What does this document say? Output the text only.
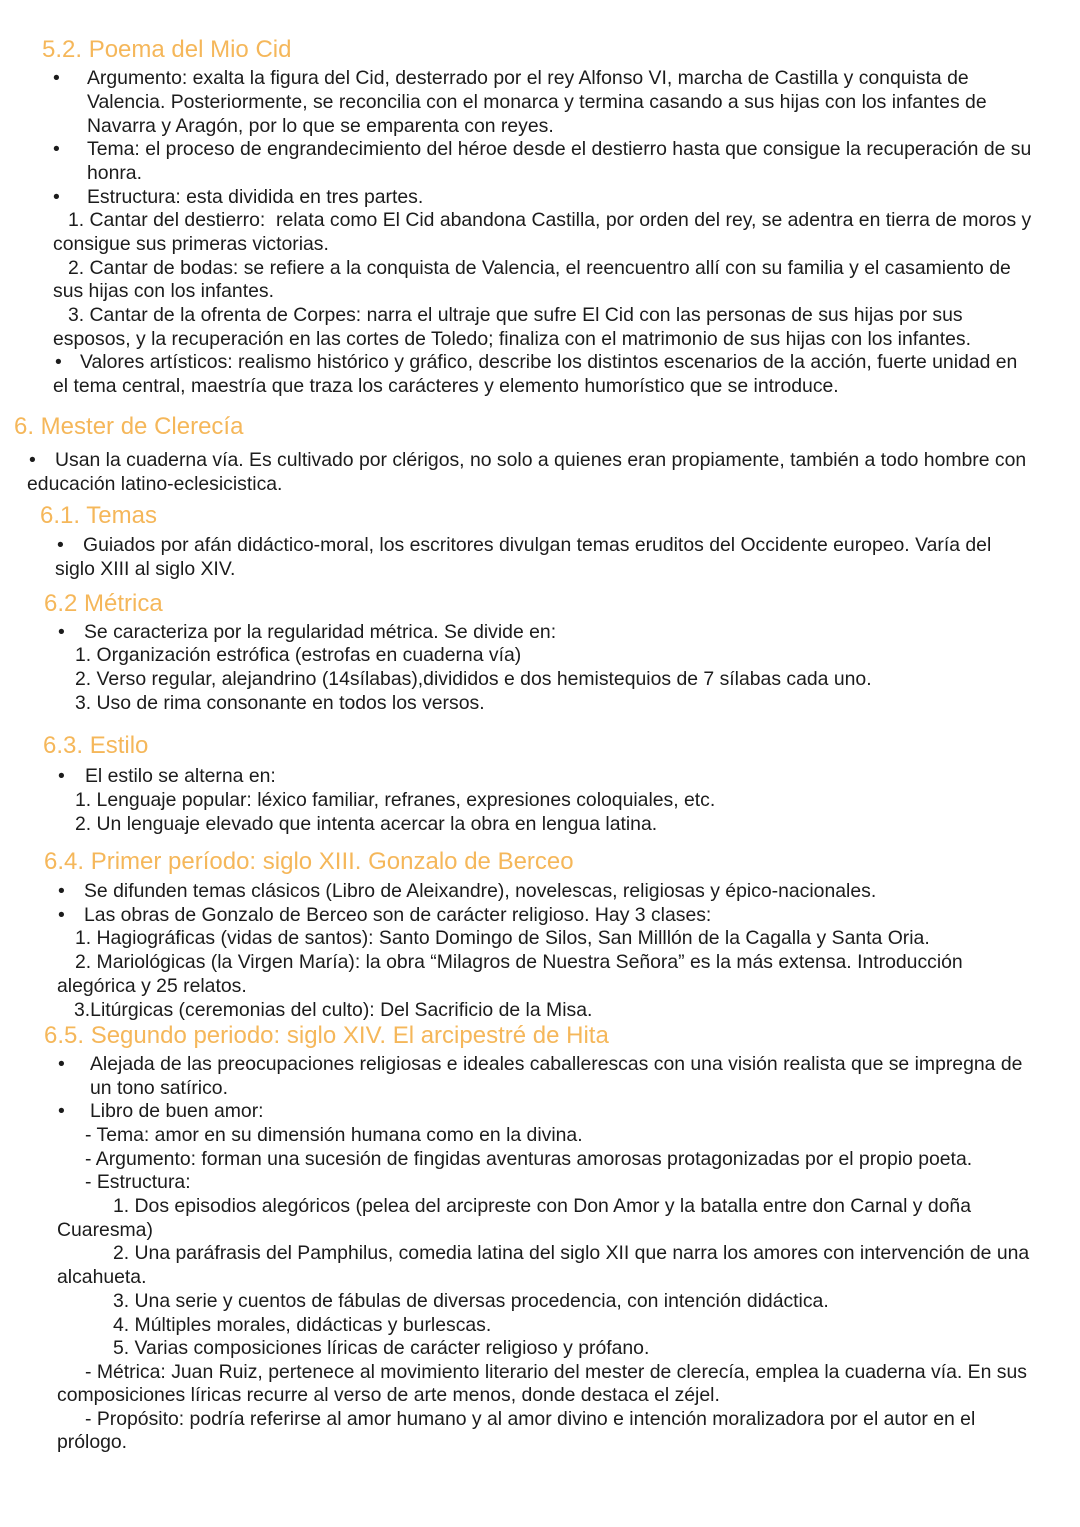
5.2. Poema del Mio Cid
•
Argumento: exalta la figura del Cid, desterrado por el rey Alfonso VI, marcha de Castilla y conquista de
Valencia. Posteriormente, se reconcilia con el monarca y termina casando a sus hijas con los infantes de
Navarra y Aragón, por lo que se emparenta con reyes.
•
Tema: el proceso de engrandecimiento del héroe desde el destierro hasta que consigue la recuperación de su
honra.
•
Estructura: esta dividida en tres partes.
1. Cantar del destierro:  relata como El Cid abandona Castilla, por orden del rey, se adentra en tierra de moros y
consigue sus primeras victorias.
2. Cantar de bodas: se refiere a la conquista de Valencia, el reencuentro allí con su familia y el casamiento de
sus hijas con los infantes.
3. Cantar de la ofrenta de Corpes: narra el ultraje que sufre El Cid con las personas de sus hijas por sus
esposos, y la recuperación en las cortes de Toledo; finaliza con el matrimonio de sus hijas con los infantes.
•
Valores artísticos: realismo histórico y gráfico, describe los distintos escenarios de la acción, fuerte unidad en
el tema central, maestría que traza los carácteres y elemento humorístico que se introduce.
6. Mester de Clerecía
•
Usan la cuaderna vía. Es cultivado por clérigos, no solo a quienes eran propiamente, también a todo hombre con
educación latino-eclesicistica.
6.1. Temas
•
Guiados por afán didáctico-moral, los escritores divulgan temas eruditos del Occidente europeo. Varía del
siglo XIII al siglo XIV.
6.2 Métrica
•
Se caracteriza por la regularidad métrica. Se divide en:
1. Organización estrófica (estrofas en cuaderna vía)
2. Verso regular, alejandrino (14sílabas),divididos e dos hemistequios de 7 sílabas cada uno.
3. Uso de rima consonante en todos los versos.
6.3. Estilo
•
El estilo se alterna en:
1. Lenguaje popular: léxico familiar, refranes, expresiones coloquiales, etc.
2. Un lenguaje elevado que intenta acercar la obra en lengua latina.
6.4. Primer período: siglo XIII. Gonzalo de Berceo
•
Se difunden temas clásicos (Libro de Aleixandre), novelescas, religiosas y épico-nacionales.
•
Las obras de Gonzalo de Berceo son de carácter religioso. Hay 3 clases:
1. Hagiográficas (vidas de santos): Santo Domingo de Silos, San Milllón de la Cagalla y Santa Oria.
2. Mariológicas (la Virgen María): la obra “Milagros de Nuestra Señora” es la más extensa. Introducción
alegórica y 25 relatos.
3.Litúrgicas (ceremonias del culto): Del Sacrificio de la Misa.
6.5. Segundo periodo: siglo XIV. El arcipestré de Hita
•
Alejada de las preocupaciones religiosas e ideales caballerescas con una visión realista que se impregna de
un tono satírico.
•
Libro de buen amor:
- Tema: amor en su dimensión humana como en la divina.
- Argumento: forman una sucesión de fingidas aventuras amorosas protagonizadas por el propio poeta.
- Estructura:
1. Dos episodios alegóricos (pelea del arcipreste con Don Amor y la batalla entre don Carnal y doña
Cuaresma)
2. Una paráfrasis del Pamphilus, comedia latina del siglo XII que narra los amores con intervención de una
alcahueta.
3. Una serie y cuentos de fábulas de diversas procedencia, con intención didáctica.
4. Múltiples morales, didácticas y burlescas.
5. Varias composiciones líricas de carácter religioso y prófano.
- Métrica: Juan Ruiz, pertenece al movimiento literario del mester de clerecía, emplea la cuaderna vía. En sus
composiciones líricas recurre al verso de arte menos, donde destaca el zéjel.
- Propósito: podría referirse al amor humano y al amor divino e intención moralizadora por el autor en el
prólogo.
